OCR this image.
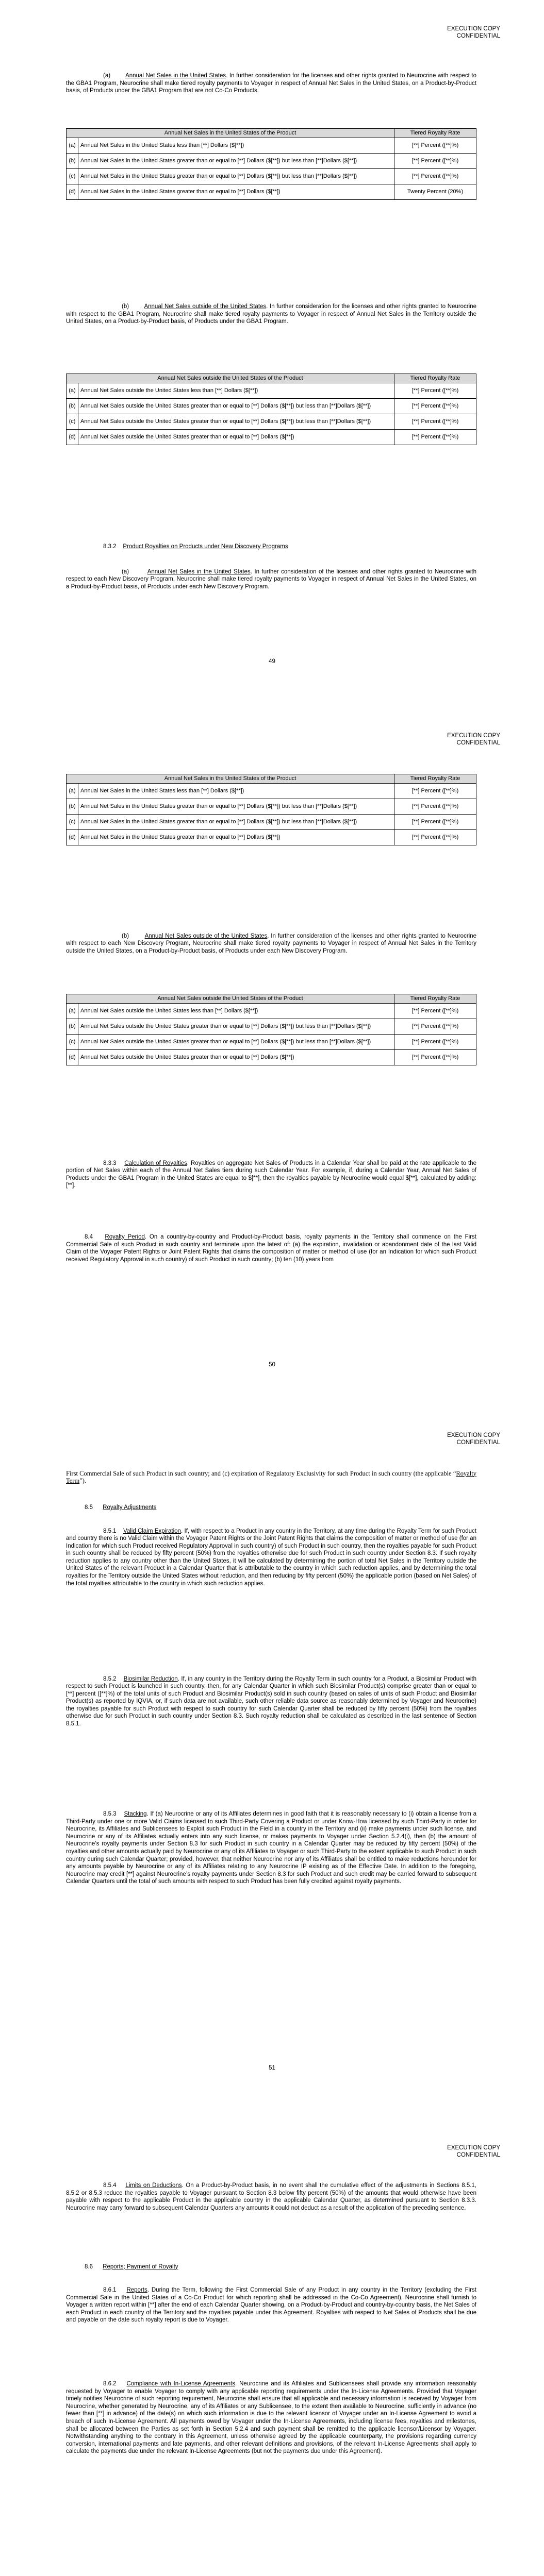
EXECUTION COPY
CONFIDENTIAL
(a)	Annual Net Sales in the United States. In further consideration for the licenses and other rights granted to Neurocrine with respect to the GBA1 Program, Neurocrine shall make tiered royalty payments to Voyager in respect of Annual Net Sales in the United States, on a Product-by-Product basis, of Products under the GBA1 Program that are not Co-Co Products.
Annual Net Sales in the United States of the Product		Tiered Royalty Rate
(a)	Annual Net Sales in the United States less than [**] Dollars ($[**])	[**] Percent ([**]%)
(b)	Annual Net Sales in the United States greater than or equal to [**] Dollars ($[**]) but less than [**]Dollars ($[**])	[**] Percent ([**]%)
(c)	Annual Net Sales in the United States greater than or equal to [**] Dollars ($[**]) but less than [**]Dollars ($[**])	[**] Percent ([**]%)
(d)	Annual Net Sales in the United States greater than or equal to [**] Dollars ($[**])	Twenty Percent (20%)
(b)	Annual Net Sales outside of the United States. In further consideration for the licenses and other rights granted to Neurocrine with respect to the GBA1 Program, Neurocrine shall make tiered royalty payments to Voyager in respect of Annual Net Sales in the Territory outside the United States, on a Product-by-Product basis, of Products under the GBA1 Program.
Annual Net Sales outside the United States of the Product		Tiered Royalty Rate
(a)	Annual Net Sales outside the United States less than [**] Dollars ($[**])	[**] Percent ([**]%)
(b)	Annual Net Sales outside the United States greater than or equal to [**] Dollars ($[**]) but less than [**]Dollars ($[**])	[**] Percent ([**]%)
(c)	Annual Net Sales outside the United States greater than or equal to [**] Dollars ($[**]) but less than [**]Dollars ($[**])	[**] Percent ([**]%)
(d)	Annual Net Sales outside the United States greater than or equal to [**] Dollars ($[**])	[**] Percent ([**]%)
8.3.2 Product Royalties on Products under New Discovery Programs
(a)	Annual Net Sales in the United States. In further consideration of the licenses and other rights granted to Neurocrine with respect to each New Discovery Program, Neurocrine shall make tiered royalty payments to Voyager in respect of Annual Net Sales in the United States, on a Product-by-Product basis, of Products under each New Discovery Program.
49
EXECUTION COPY
CONFIDENTIAL
Annual Net Sales in the United States of the Product		Tiered Royalty Rate
(a)	Annual Net Sales in the United States less than [**] Dollars ($[**])	[**] Percent ([**]%)
(b)	Annual Net Sales in the United States greater than or equal to [**] Dollars ($[**]) but less than [**]Dollars ($[**])	[**] Percent ([**]%)
(c)	Annual Net Sales in the United States greater than or equal to [**] Dollars ($[**]) but less than [**]Dollars ($[**])	[**] Percent ([**]%)
(d)	Annual Net Sales in the United States greater than or equal to [**] Dollars ($[**])	[**] Percent ([**]%)
(b)	Annual Net Sales outside of the United States. In further consideration of the licenses and other rights granted to Neurocrine with respect to each New Discovery Program, Neurocrine shall make tiered royalty payments to Voyager in respect of Annual Net Sales in the Territory outside the United States, on a Product-by-Product basis, of Products under each New Discovery Program.
Annual Net Sales outside the United States of the Product		Tiered Royalty Rate
(a)	Annual Net Sales outside the United States less than [**] Dollars ($[**])	[**] Percent ([**]%)
(b)	Annual Net Sales outside the United States greater than or equal to [**] Dollars ($[**]) but less than [**]Dollars ($[**])	[**] Percent ([**]%)
(c)	Annual Net Sales outside the United States greater than or equal to [**] Dollars ($[**]) but less than [**]Dollars ($[**])	[**] Percent ([**]%)
(d)	Annual Net Sales outside the United States greater than or equal to [**] Dollars ($[**])	[**] Percent ([**]%)
8.3.3 Calculation of Royalties. Royalties on aggregate Net Sales of Products in a Calendar Year shall be paid at the rate applicable to the portion of Net Sales within each of the Annual Net Sales tiers during such Calendar Year. For example, if, during a Calendar Year, Annual Net Sales of Products under the GBA1 Program in the United States are equal to $[**], then the royalties payable by Neurocrine would equal $[**], calculated by adding: [**].
8.4 Royalty Period. On a country-by-country and Product-by-Product basis, royalty payments in the Territory shall commence on the First Commercial Sale of such Product in such country and terminate upon the latest of: (a) the expiration, invalidation or abandonment date of the last Valid Claim of the Voyager Patent Rights or Joint Patent Rights that claims the composition of matter or method of use (for an Indication for which such Product received Regulatory Approval in such country) of such Product in such country; (b) ten (10) years from
50
EXECUTION COPY
CONFIDENTIAL
First Commercial Sale of such Product in such country; and (c) expiration of Regulatory Exclusivity for such Product in such country (the applicable “Royalty Term”).
8.5 Royalty Adjustments
8.5.1 Valid Claim Expiration. If, with respect to a Product in any country in the Territory, at any time during the Royalty Term for such Product and country there is no Valid Claim within the Voyager Patent Rights or the Joint Patent Rights that claims the composition of matter or method of use (for an Indication for which such Product received Regulatory Approval in such country) of such Product in such country, then the royalties payable for such Product in such country shall be reduced by fifty percent (50%) from the royalties otherwise due for such Product in such country under Section 8.3. If such royalty reduction applies to any country other than the United States, it will be calculated by determining the portion of total Net Sales in the Territory outside the United States of the relevant Product in a Calendar Quarter that is attributable to the country in which such reduction applies, and by determining the total royalties for the Territory outside the United States without reduction, and then reducing by fifty percent (50%) the applicable portion (based on Net Sales) of the total royalties attributable to the country in which such reduction applies.
8.5.2 Biosimilar Reduction. If, in any country in the Territory during the Royalty Term in such country for a Product, a Biosimilar Product with respect to such Product is launched in such country, then, for any Calendar Quarter in which such Biosimilar Product(s) comprise greater than or equal to [**] percent ([**]%) of the total units of such Product and Biosimilar Product(s) sold in such country (based on sales of units of such Product and Biosimilar Product(s) as reported by IQVIA, or, if such data are not available, such other reliable data source as reasonably determined by Voyager and Neurocrine) the royalties payable for such Product with respect to such country for such Calendar Quarter shall be reduced by fifty percent (50%) from the royalties otherwise due for such Product in such country under Section 8.3. Such royalty reduction shall be calculated as described in the last sentence of Section 8.5.1.
8.5.3 Stacking. If (a) Neurocrine or any of its Affiliates determines in good faith that it is reasonably necessary to (i) obtain a license from a Third-Party under one or more Valid Claims licensed to such Third-Party Covering a Product or under Know-How licensed by such Third-Party in order for Neurocrine, its Affiliates and Sublicensees to Exploit such Product in the Field in a country in the Territory and (ii) make payments under such license, and Neurocrine or any of its Affiliates actually enters into any such license, or makes payments to Voyager under Section 5.2.4(i), then (b) the amount of Neurocrine’s royalty payments under Section 8.3 for such Product in such country in a Calendar Quarter may be reduced by fifty percent (50%) of the royalties and other amounts actually paid by Neurocrine or any of its Affiliates to Voyager or such Third-Party to the extent applicable to such Product in such country during such Calendar Quarter; provided, however, that neither Neurocrine nor any of its Affiliates shall be entitled to make reductions hereunder for any amounts payable by Neurocrine or any of its Affiliates relating to any Neurocrine IP existing as of the Effective Date. In addition to the foregoing, Neurocrine may credit [**] against Neurocrine’s royalty payments under Section 8.3 for such Product and such credit may be carried forward to subsequent Calendar Quarters until the total of such amounts with respect to such Product has been fully credited against royalty payments.
51
EXECUTION COPY
CONFIDENTIAL
8.5.4 Limits on Deductions. On a Product-by-Product basis, in no event shall the cumulative effect of the adjustments in Sections 8.5.1, 8.5.2 or 8.5.3 reduce the royalties payable to Voyager pursuant to Section 8.3 below fifty percent (50%) of the amounts that would otherwise have been payable with respect to the applicable Product in the applicable country in the applicable Calendar Quarter, as determined pursuant to Section 8.3.3. Neurocrine may carry forward to subsequent Calendar Quarters any amounts it could not deduct as a result of the application of the preceding sentence.
8.6 Reports; Payment of Royalty
8.6.1 Reports. During the Term, following the First Commercial Sale of any Product in any country in the Territory (excluding the First Commercial Sale in the United States of a Co-Co Product for which reporting shall be addressed in the Co-Co Agreement), Neurocrine shall furnish to Voyager a written report within [**] after the end of each Calendar Quarter showing, on a Product-by-Product and country-by-country basis, the Net Sales of each Product in each country of the Territory and the royalties payable under this Agreement. Royalties with respect to Net Sales of Products shall be due and payable on the date such royalty report is due to Voyager.
8.6.2 Compliance with In-License Agreements. Neurocrine and its Affiliates and Sublicensees shall provide any information reasonably requested by Voyager to enable Voyager to comply with any applicable reporting requirements under the In-License Agreements. Provided that Voyager timely notifies Neurocrine of such reporting requirement, Neurocrine shall ensure that all applicable and necessary information is received by Voyager from Neurocrine, whether generated by Neurocrine, any of its Affiliates or any Sublicensee, to the extent then available to Neurocrine, sufficiently in advance (no fewer than [**] in advance) of the date(s) on which such information is due to the relevant licensor of Voyager under an In-License Agreement to avoid a breach of such In-License Agreement. All payments owed by Voyager under the In-License Agreements, including license fees, royalties and milestones, shall be allocated between the Parties as set forth in Section 5.2.4 and such payment shall be remitted to the applicable licensor/Licensor by Voyager. Notwithstanding anything to the contrary in this Agreement, unless otherwise agreed by the applicable counterparty, the provisions regarding currency conversion, international payments and late payments, and other relevant definitions and provisions, of the relevant In-License Agreements shall apply to calculate the payments due under the relevant In-License Agreements (but not the payments due under this Agreement).
